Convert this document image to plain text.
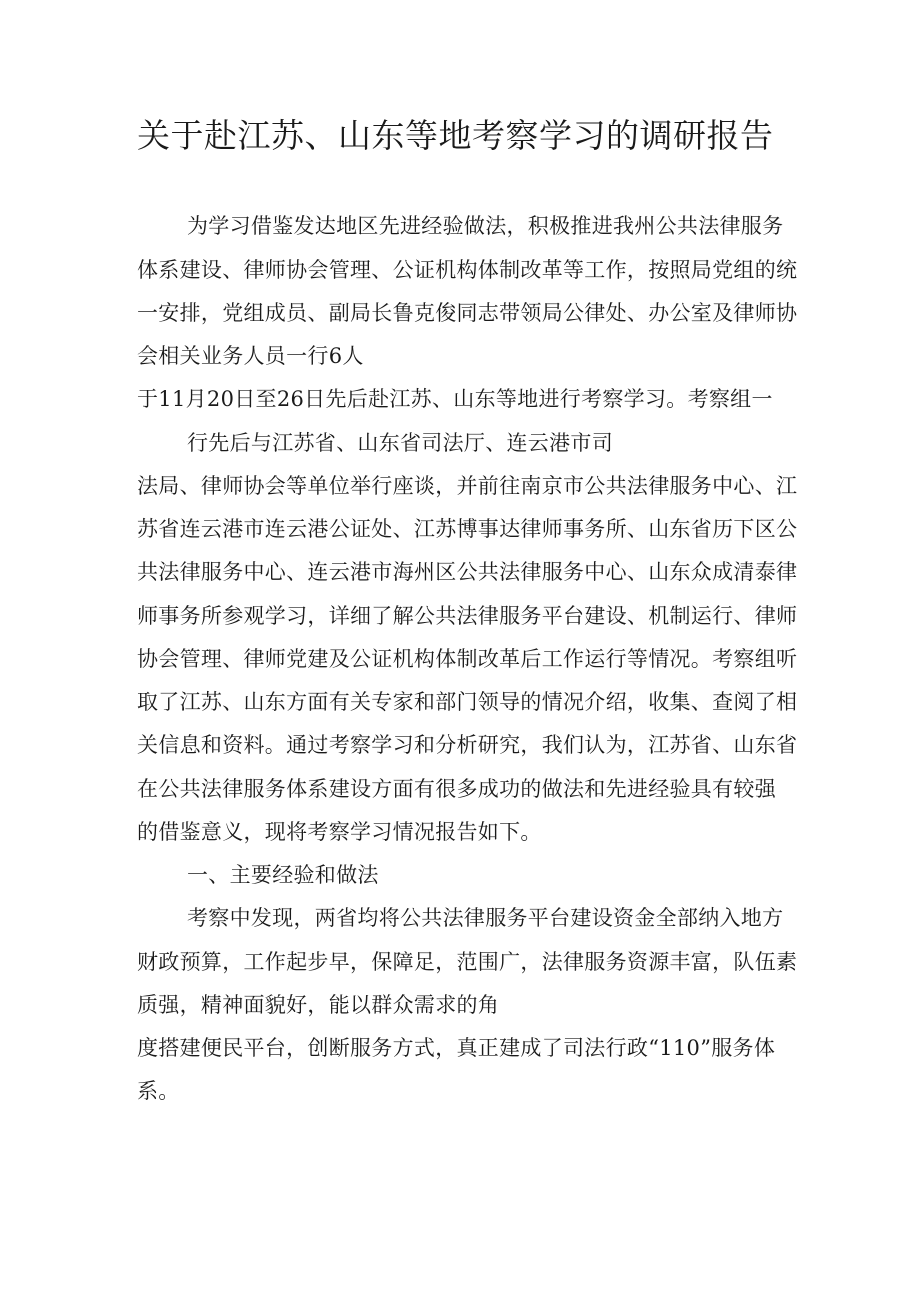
关于赴江苏、山东等地考察学习的调研报告
为学习借鉴发达地区先进经验做法，积极推进我州公共法律服务
体系建设、律师协会管理、公证机构体制改革等工作，按照局党组的统
一安排，党组成员、副局长鲁克俊同志带领局公律处、办公室及律师协
会相关业务人员一行6人
于11月20日至26日先后赴江苏、山东等地进行考察学习。考察组一
行先后与江苏省、山东省司法厅、连云港市司
法局、律师协会等单位举行座谈，并前往南京市公共法律服务中心、江
苏省连云港市连云港公证处、江苏博事达律师事务所、山东省历下区公
共法律服务中心、连云港市海州区公共法律服务中心、山东众成清泰律
师事务所参观学习，详细了解公共法律服务平台建设、机制运行、律师
协会管理、律师党建及公证机构体制改革后工作运行等情况。考察组听
取了江苏、山东方面有关专家和部门领导的情况介绍，收集、查阅了相
关信息和资料。通过考察学习和分析研究，我们认为，江苏省、山东省
在公共法律服务体系建设方面有很多成功的做法和先进经验具有较强
的借鉴意义，现将考察学习情况报告如下。
一、主要经验和做法
考察中发现，两省均将公共法律服务平台建设资金全部纳入地方
财政预算，工作起步早，保障足，范围广，法律服务资源丰富，队伍素
质强，精神面貌好，能以群众需求的角
度搭建便民平台，创断服务方式，真正建成了司法行政“110”服务体
系。
